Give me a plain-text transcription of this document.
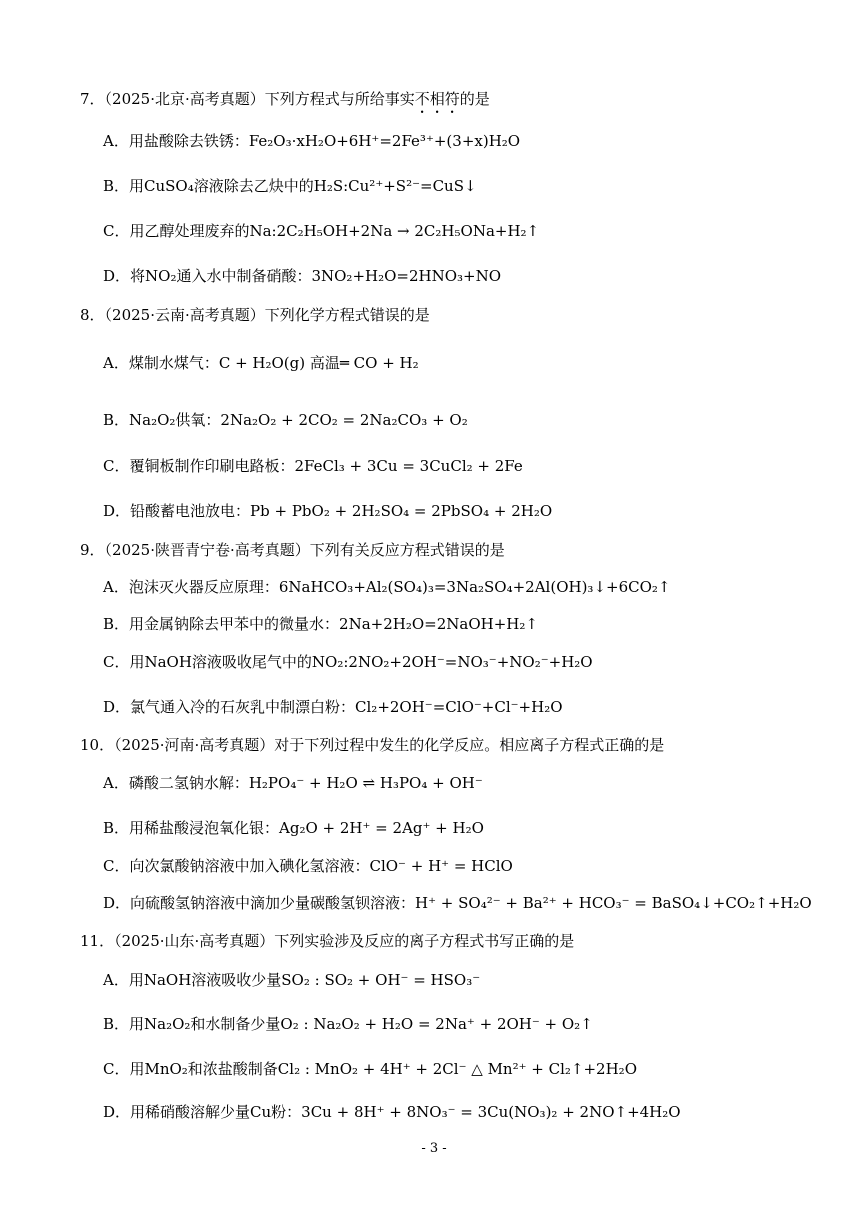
7．（2025·北京·高考真题）下列方程式与所给事实不相符的是
A．用盐酸除去铁锈：Fe₂O₃·xH₂O+6H⁺=2Fe³⁺+(3+x)H₂O
B．用CuSO₄溶液除去乙炔中的H₂S:Cu²⁺+S²⁻=CuS↓
C．用乙醇处理废弃的Na:2C₂H₅OH+2Na → 2C₂H₅ONa+H₂↑
D．将NO₂通入水中制备硝酸：3NO₂+H₂O=2HNO₃+NO
8．（2025·云南·高考真题）下列化学方程式错误的是
A．煤制水煤气：C + H₂O(g) 高温═ CO + H₂
B．Na₂O₂供氧：2Na₂O₂ + 2CO₂ = 2Na₂CO₃ + O₂
C．覆铜板制作印刷电路板：2FeCl₃ + 3Cu = 3CuCl₂ + 2Fe
D．铅酸蓄电池放电：Pb + PbO₂ + 2H₂SO₄ = 2PbSO₄ + 2H₂O
9．（2025·陕晋青宁卷·高考真题）下列有关反应方程式错误的是
A．泡沫灭火器反应原理：6NaHCO₃+Al₂(SO₄)₃=3Na₂SO₄+2Al(OH)₃↓+6CO₂↑
B．用金属钠除去甲苯中的微量水：2Na+2H₂O=2NaOH+H₂↑
C．用NaOH溶液吸收尾气中的NO₂:2NO₂+2OH⁻=NO₃⁻+NO₂⁻+H₂O
D．氯气通入冷的石灰乳中制漂白粉：Cl₂+2OH⁻=ClO⁻+Cl⁻+H₂O
10．（2025·河南·高考真题）对于下列过程中发生的化学反应。相应离子方程式正确的是
A．磷酸二氢钠水解：H₂PO₄⁻ + H₂O ⇌ H₃PO₄ + OH⁻
B．用稀盐酸浸泡氧化银：Ag₂O + 2H⁺ = 2Ag⁺ + H₂O
C．向次氯酸钠溶液中加入碘化氢溶液：ClO⁻ + H⁺ = HClO
D．向硫酸氢钠溶液中滴加少量碳酸氢钡溶液：H⁺ + SO₄²⁻ + Ba²⁺ + HCO₃⁻ = BaSO₄↓+CO₂↑+H₂O
11．（2025·山东·高考真题）下列实验涉及反应的离子方程式书写正确的是
A．用NaOH溶液吸收少量SO₂ : SO₂ + OH⁻ = HSO₃⁻
B．用Na₂O₂和水制备少量O₂ : Na₂O₂ + H₂O = 2Na⁺ + 2OH⁻ + O₂↑
C．用MnO₂和浓盐酸制备Cl₂ : MnO₂ + 4H⁺ + 2Cl⁻ △ Mn²⁺ + Cl₂↑+2H₂O
D．用稀硝酸溶解少量Cu粉：3Cu + 8H⁺ + 8NO₃⁻ = 3Cu(NO₃)₂ + 2NO↑+4H₂O
- 3 -
